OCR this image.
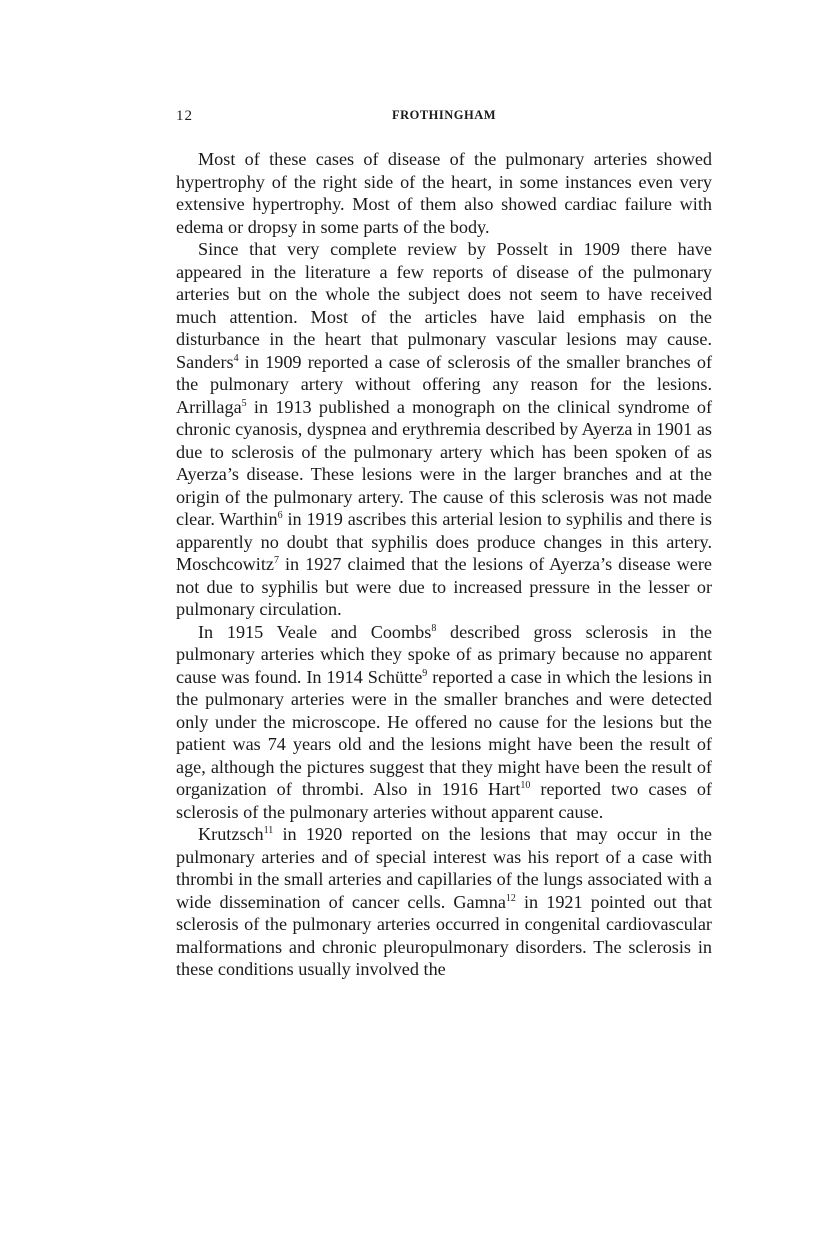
12	FROTHINGHAM

Most of these cases of disease of the pulmonary arteries showed hypertrophy of the right side of the heart, in some instances even very extensive hypertrophy. Most of them also showed cardiac failure with edema or dropsy in some parts of the body.

Since that very complete review by Posselt in 1909 there have appeared in the literature a few reports of disease of the pulmonary arteries but on the whole the subject does not seem to have received much attention. Most of the articles have laid emphasis on the disturbance in the heart that pulmonary vascular lesions may cause. Sanders$^4$ in 1909 reported a case of sclerosis of the smaller branches of the pulmonary artery without offering any reason for the lesions. Arrillaga$^5$ in 1913 published a monograph on the clinical syndrome of chronic cyanosis, dyspnea and erythremia described by Ayerza in 1901 as due to sclerosis of the pulmonary artery which has been spoken of as Ayerza’s disease. These lesions were in the larger branches and at the origin of the pulmonary artery. The cause of this sclerosis was not made clear. Warthin$^6$ in 1919 ascribes this arterial lesion to syphilis and there is apparently no doubt that syphilis does produce changes in this artery. Moschcowitz$^7$ in 1927 claimed that the lesions of Ayerza’s disease were not due to syphilis but were due to increased pressure in the lesser or pulmonary circulation.

In 1915 Veale and Coombs$^8$ described gross sclerosis in the pulmonary arteries which they spoke of as primary because no apparent cause was found. In 1914 Schütte$^9$ reported a case in which the lesions in the pulmonary arteries were in the smaller branches and were detected only under the microscope. He offered no cause for the lesions but the patient was 74 years old and the lesions might have been the result of age, although the pictures suggest that they might have been the result of organization of thrombi. Also in 1916 Hart$^{10}$ reported two cases of sclerosis of the pulmonary arteries without apparent cause.

Krutzsch$^{11}$ in 1920 reported on the lesions that may occur in the pulmonary arteries and of special interest was his report of a case with thrombi in the small arteries and capillaries of the lungs associated with a wide dissemination of cancer cells. Gamna$^{12}$ in 1921 pointed out that sclerosis of the pulmonary arteries occurred in congenital cardiovascular malformations and chronic pleuropulmonary disorders. The sclerosis in these conditions usually involved the
